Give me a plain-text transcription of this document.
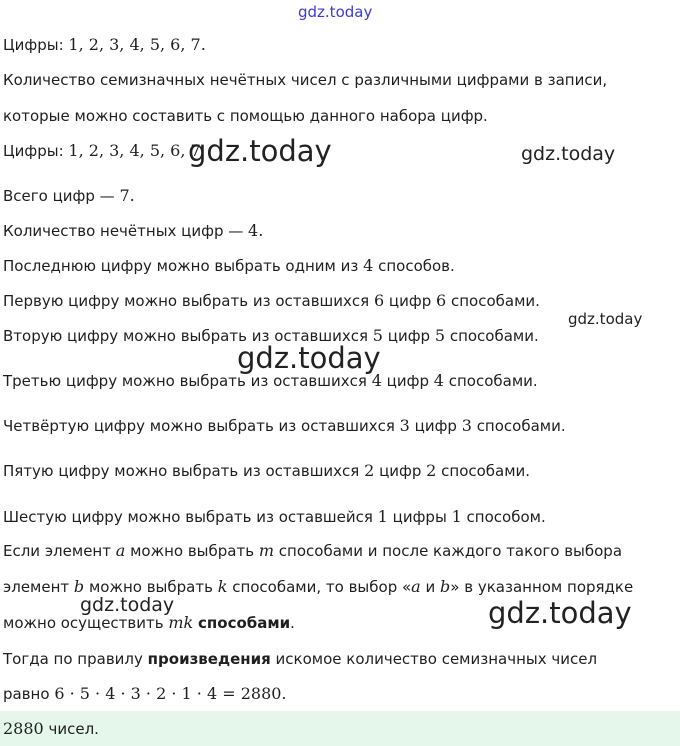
gdz.today
gdz.today	gdz.today
gdz.today
gdz.today
gdz.today	gdz.today
Цифры: 1, 2, 3, 4, 5, 6, 7.
Количество семизначных нечётных чисел с различными цифрами в записи,
которые можно составить с помощью данного набора цифр.
Цифры: 1, 2, 3, 4, 5, 6, 7
Всего цифр — 7.
Количество нечётных цифр — 4.
Последнюю цифру можно выбрать одним из 4 способов.
Первую цифру можно выбрать из оставшихся 6 цифр 6 способами.
Вторую цифру можно выбрать из оставшихся 5 цифр 5 способами.
Третью цифру можно выбрать из оставшихся 4 цифр 4 способами.
Четвёртую цифру можно выбрать из оставшихся 3 цифр 3 способами.
Пятую цифру можно выбрать из оставшихся 2 цифр 2 способами.
Шестую цифру можно выбрать из оставшейся 1 цифры 1 способом.
Если элемент a можно выбрать m способами и после каждого такого выбора
элемент b можно выбрать k способами, то выбор «a и b» в указанном порядке
можно осуществить mk способами.
Тогда по правилу произведения искомое количество семизначных чисел
равно 6 · 5 · 4 · 3 · 2 · 1 · 4 = 2880.
2880 чисел.
